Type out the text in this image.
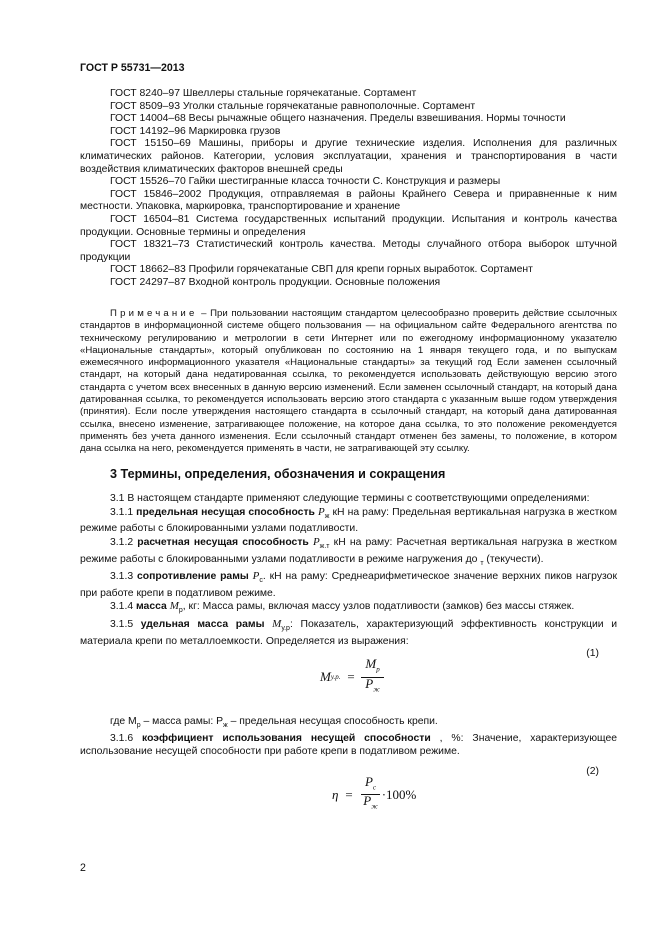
ГОСТ Р 55731—2013

ГОСТ 8240–97 Швеллеры стальные горячекатаные. Сортамент

ГОСТ 8509–93 Уголки стальные горячекатаные равнополочные. Сортамент

ГОСТ 14004–68 Весы рычажные общего назначения. Пределы взвешивания. Нормы точности

ГОСТ 14192–96 Маркировка грузов

ГОСТ 15150–69 Машины, приборы и другие технические изделия. Исполнения для различных климатических районов. Категории, условия эксплуатации, хранения и транспортирования в части воздействия климатических факторов внешней среды

ГОСТ 15526–70 Гайки шестигранные класса точности С. Конструкция и размеры

ГОСТ 15846–2002 Продукция, отправляемая в районы Крайнего Севера и приравненные к ним местности. Упаковка, маркировка, транспортирование и хранение

ГОСТ 16504–81 Система государственных испытаний продукции. Испытания и контроль качества продукции. Основные термины и определения

ГОСТ 18321–73 Статистический контроль качества. Методы случайного отбора выборок штучной продукции

ГОСТ 18662–83 Профили горячекатаные СВП для крепи горных выработок. Сортамент

ГОСТ 24297–87 Входной контроль продукции. Основные положения

Примечание – При пользовании настоящим стандартом целесообразно проверить действие ссылочных стандартов в информационной системе общего пользования — на официальном сайте Федерального агентства по техническому регулированию и метрологии в сети Интернет или по ежегодному информационному указателю «Национальные стандарты», который опубликован по состоянию на 1 января текущего года, и по выпускам ежемесячного информационного указателя «Национальные стандарты» за текущий год Если заменен ссылочный стандарт, на который дана недатированная ссылка, то рекомендуется использовать действующую версию этого стандарта с учетом всех внесенных в данную версию изменений. Если заменен ссылочный стандарт, на который дана датированная ссылка, то рекомендуется использовать версию этого стандарта с указанным выше годом утверждения (принятия). Если после утверждения настоящего стандарта в ссылочный стандарт, на который дана датированная ссылка, внесено изменение, затрагивающее положение, на которое дана ссылка, то это положение рекомендуется применять без учета данного изменения. Если ссылочный стандарт отменен без замены, то положение, в котором дана ссылка на него, рекомендуется применять в части, не затрагивающей эту ссылку.

3 Термины, определения, обозначения и сокращения

3.1 В настоящем стандарте применяют следующие термины с соответствующими определениями:

3.1.1 предельная несущая способность $Р_ж$ кН на раму: Предельная вертикальная нагрузка в жестком режиме работы с блокированными узлами податливости.

3.1.2 расчетная несущая способность $Р_{ж.т}$ кН на раму: Расчетная вертикальная нагрузка в жестком режиме работы с блокированными узлами податливости в режиме нагружения до $_т$ (текучести).

3.1.3 сопротивление рамы $Р_с$. кН на раму: Среднеарифметическое значение верхних пиков нагрузок при работе крепи в податливом режиме.

3.1.4 масса $М_р$, кг: Масса рамы, включая массу узлов податливости (замков) без массы стяжек.

3.1.5 удельная масса рамы $М_{у.р}$: Показатель, характеризующий эффективность конструкции и материала крепи по металлоемкости. Определяется из выражения:

М у.р. = $\frac{М_р}{Р_ж}$
(1)

где $М_р$ – масса рамы: $Р_ж$ – предельная несущая способность крепи.

3.1.6 коэффициент использования несущей способности , %: Значение, характеризующее использование несущей способности при работе крепи в податливом режиме.

$\eta = \frac{Р_с}{Р_ж} \cdot 100\%$
(2)
2
